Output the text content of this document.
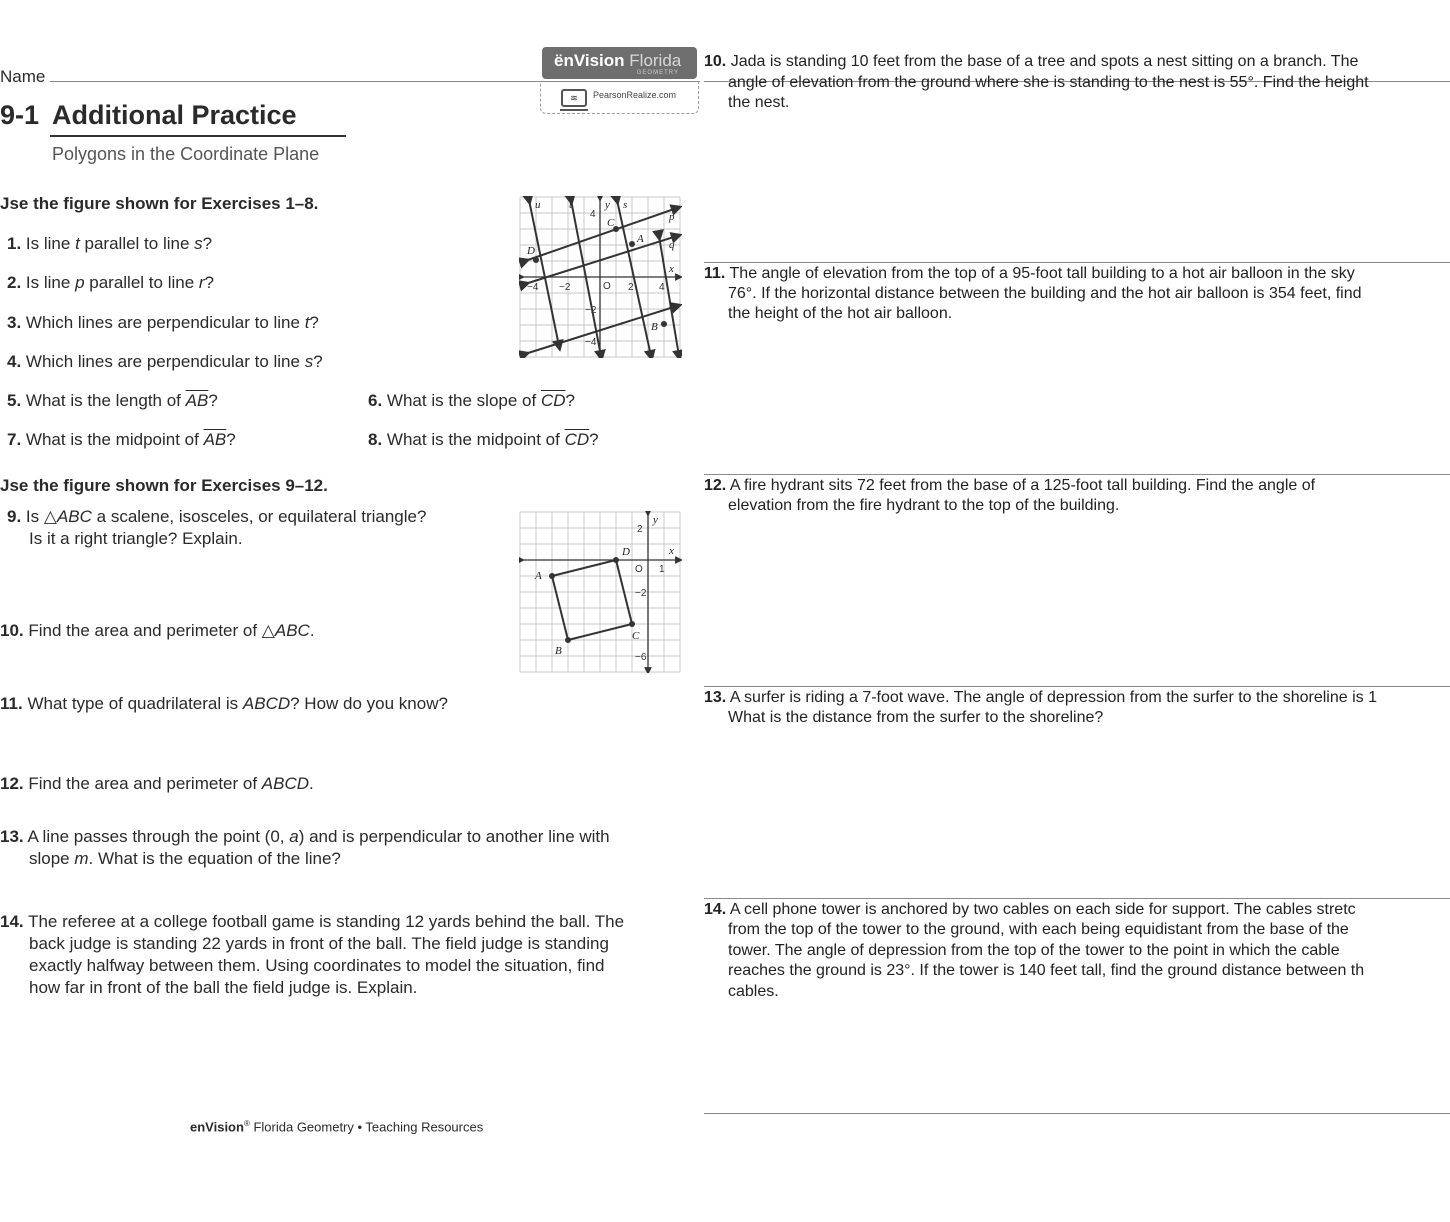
Name
9-1 Additional Practice
Polygons in the Coordinate Plane
ënVision Florida
GEOMETRY
≋	PearsonRealize.com
Jse the figure shown for Exercises 1–8.
1. Is line t parallel to line s?
2. Is line p parallel to line r?
3. Which lines are perpendicular to line t?
4. Which lines are perpendicular to line s?
5. What is the length of $\overline{AB}$?	6. What is the slope of $\overline{CD}$?
7. What is the midpoint of $\overline{AB}$?	8. What is the midpoint of $\overline{CD}$?
u	t	y s
p
q
r
x
C
A
D
B
4
−4 −2	2	4
−2
−4
O
Jse the figure shown for Exercises 9–12.
9. Is △ABC a scalene, isosceles, or equilateral triangle?
Is it a right triangle? Explain.
10. Find the area and perimeter of △ABC.
11. What type of quadrilateral is ABCD? How do you know?
12. Find the area and perimeter of ABCD.
13. A line passes through the point (0, a) and is perpendicular to another line with
slope m. What is the equation of the line?
14. The referee at a college football game is standing 12 yards behind the ball. The
back judge is standing 22 yards in front of the ball. The field judge is standing
exactly halfway between them. Using coordinates to model the situation, find
how far in front of the ball the field judge is. Explain.
y
x
D
A
B
C
2
1
−2
−6
O
enVision® Florida Geometry • Teaching Resources
10. Jada is standing 10 feet from the base of a tree and spots a nest sitting on a branch. The
angle of elevation from the ground where she is standing to the nest is 55°. Find the height
the nest.
11. The angle of elevation from the top of a 95-foot tall building to a hot air balloon in the sky
76°. If the horizontal distance between the building and the hot air balloon is 354 feet, find
the height of the hot air balloon.
12. A fire hydrant sits 72 feet from the base of a 125-foot tall building. Find the angle of
elevation from the fire hydrant to the top of the building.
13. A surfer is riding a 7-foot wave. The angle of depression from the surfer to the shoreline is 1
What is the distance from the surfer to the shoreline?
14. A cell phone tower is anchored by two cables on each side for support. The cables stretc
from the top of the tower to the ground, with each being equidistant from the base of the
tower. The angle of depression from the top of the tower to the point in which the cable
reaches the ground is 23°. If the tower is 140 feet tall, find the ground distance between th
cables.
